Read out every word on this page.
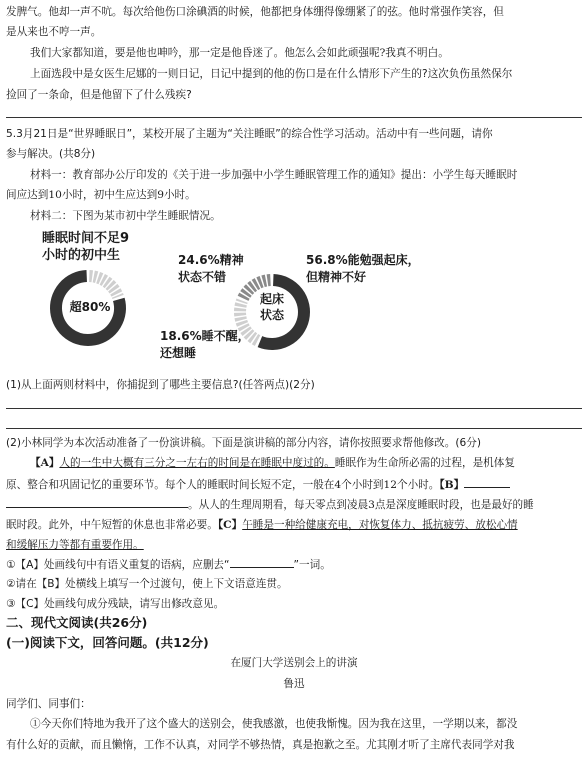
发脾气。他却一声不吭。每次给他伤口涂碘酒的时候，他都把身体绷得像绷紧了的弦。他时常强作笑容，但
是从来也不哼一声。
我们大家都知道，要是他也呻吟，那一定是他昏迷了。他怎么会如此顽强呢?我真不明白。
上面选段中是女医生尼娜的一则日记，日记中提到的他的伤口是在什么情形下产生的?这次负伤虽然保尔
捡回了一条命，但是他留下了什么残疾?
5.3月21日是“世界睡眠日”，某校开展了主题为“关注睡眠”的综合性学习活动。活动中有一些问题，请你
参与解决。(共8分)
材料一：教育部办公厅印发的《关于进一步加强中小学生睡眠管理工作的通知》提出：小学生每天睡眠时
间应达到10小时，初中生应达到9小时。
材料二：下图为某市初中学生睡眠情况。
睡眠时间不足9
小时的初中生
超80%
24.6%精神
状态不错
56.8%能勉强起床，
但精神不好
18.6%睡不醒，
还想睡
起床
状态
(1)从上面两则材料中，你捕捉到了哪些主要信息?(任答两点)(2分)
(2)小林同学为本次活动准备了一份演讲稿。下面是演讲稿的部分内容，请你按照要求帮他修改。(6分)
【A】人的一生中大概有三分之一左右的时间是在睡眠中度过的。睡眠作为生命所必需的过程，是机体复
原、整合和巩固记忆的重要环节。每个人的睡眠时间长短不定，一般在4个小时到12个小时。【B】
。从人的生理周期看，每天零点到凌晨3点是深度睡眠时段，也是最好的睡
眠时段。此外，中午短暂的休息也非常必要。【C】午睡是一种给健康充电，对恢复体力、抵抗疲劳、放松心情
和缓解压力等都有重要作用。
①【A】处画线句中有语义重复的语病，应删去“	”一词。
②请在【B】处横线上填写一个过渡句，使上下文语意连贯。
③【C】处画线句成分残缺，请写出修改意见。
二、现代文阅读(共26分)
(一)阅读下文，回答问题。(共12分)
在厦门大学送别会上的讲演
鲁迅
同学们、同事们：
①今天你们特地为我开了这个盛大的送别会，使我感激，也使我惭愧。因为我在这里，一学期以来，都没
有什么好的贡献，而且懒惰，工作不认真，对同学不够热情，真是抱歉之至。尤其刚才听了主席代表同学对我
